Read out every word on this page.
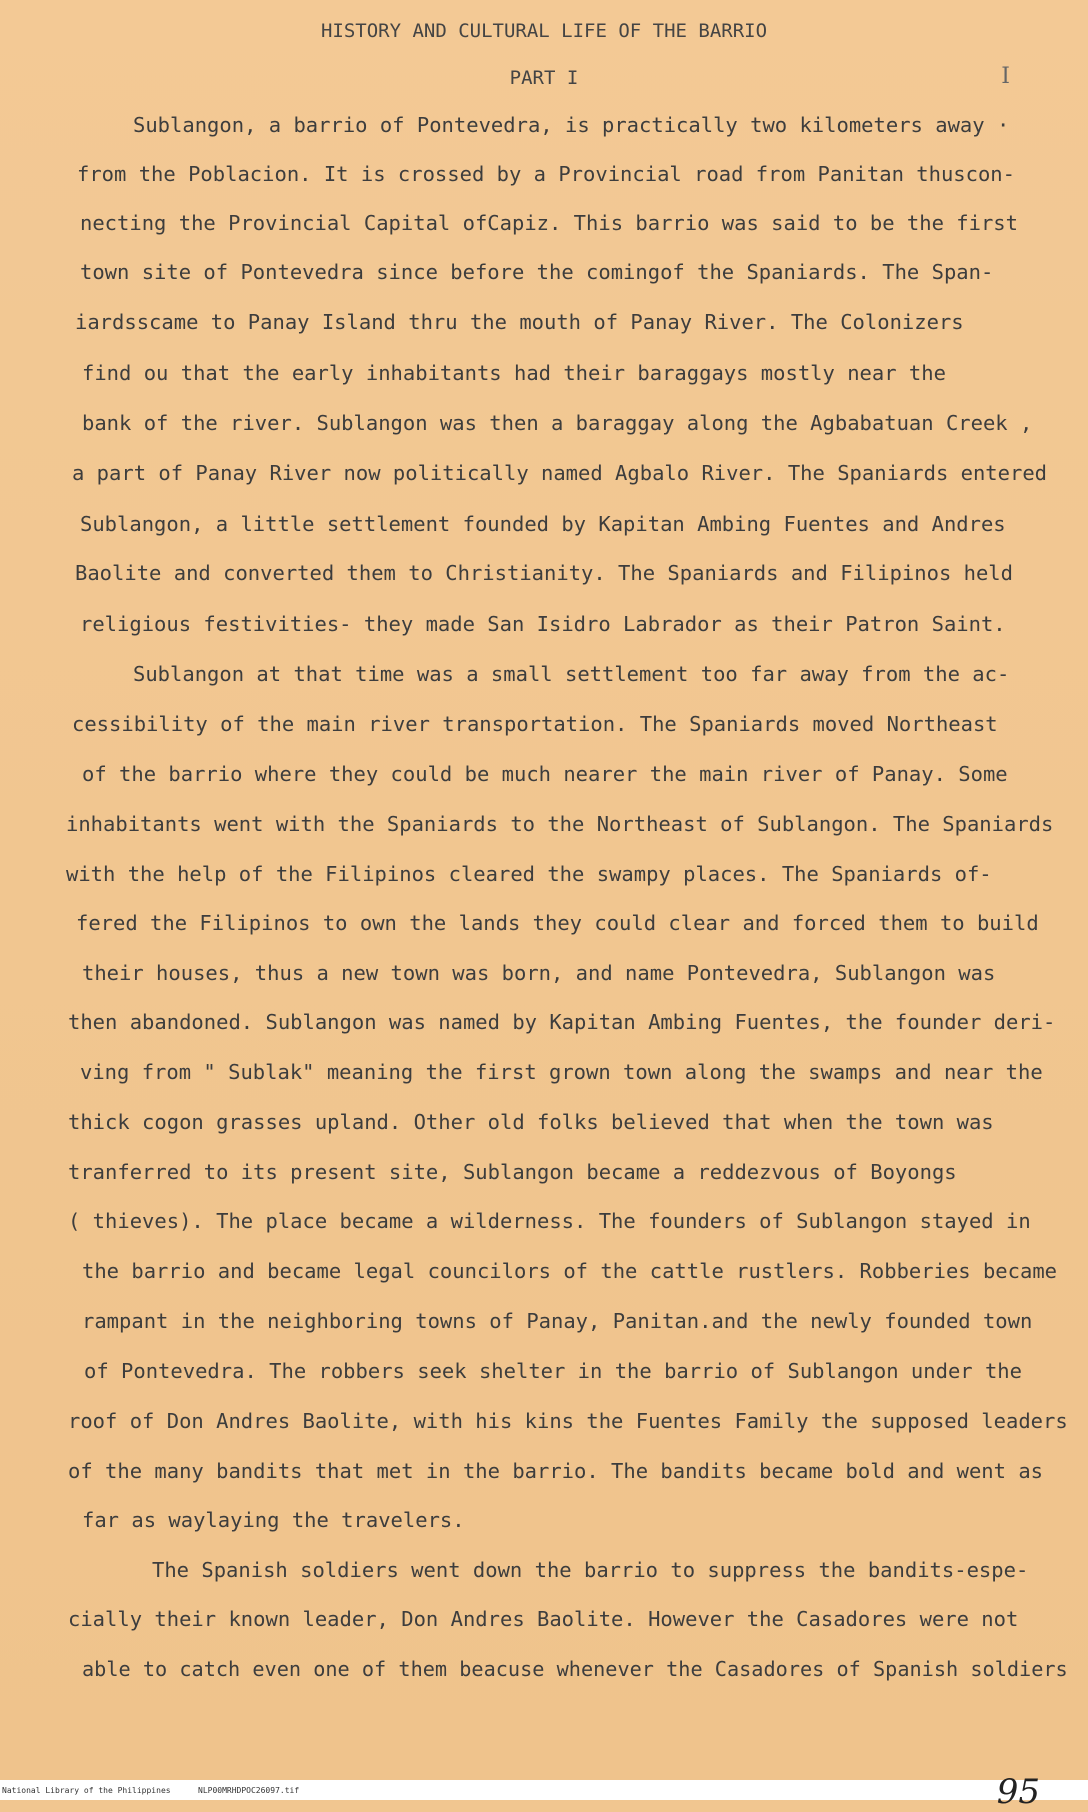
HISTORY AND CULTURAL LIFE OF THE BARRIO
PART I	I
Sublangon, a barrio of Pontevedra, is practically two kilometers away ·
from the Poblacion. It is crossed by a Provincial road from Panitan thuscon-
necting the Provincial Capital ofCapiz. This barrio was said to be the first
town site of Pontevedra since before the comingof the Spaniards. The Span-
iardsscame to Panay Island thru the mouth of Panay River. The Colonizers
find ou that the early inhabitants had their baraggays mostly near the
bank of the river. Sublangon was then a baraggay along the Agbabatuan Creek ,
a part of Panay River now politically named Agbalo River. The Spaniards entered
Sublangon, a little settlement founded by Kapitan Ambing Fuentes and Andres
Baolite and converted them to Christianity. The Spaniards and Filipinos held
religious festivities- they made San Isidro Labrador as their Patron Saint.
Sublangon at that time was a small settlement too far away from the ac-
cessibility of the main river transportation. The Spaniards moved Northeast
of the barrio where they could be much nearer the main river of Panay. Some
inhabitants went with the Spaniards to the Northeast of Sublangon. The Spaniards
with the help of the Filipinos cleared the swampy places. The Spaniards of-
fered the Filipinos to own the lands they could clear and forced them to build
their houses, thus a new town was born, and name Pontevedra, Sublangon was
then abandoned. Sublangon was named by Kapitan Ambing Fuentes, the founder deri-
ving from " Sublak" meaning the first grown town along the swamps and near the
thick cogon grasses upland. Other old folks believed that when the town was
tranferred to its present site, Sublangon became a reddezvous of Boyongs
( thieves). The place became a wilderness. The founders of Sublangon stayed in
the barrio and became legal councilors of the cattle rustlers. Robberies became
rampant in the neighboring towns of Panay, Panitan.and the newly founded town
of Pontevedra. The robbers seek shelter in the barrio of Sublangon under the
roof of Don Andres Baolite, with his kins the Fuentes Family the supposed leaders
of the many bandits that met in the barrio. The bandits became bold and went as
far as waylaying the travelers.
The Spanish soldiers went down the barrio to suppress the bandits-espe-
cially their known leader, Don Andres Baolite. However the Casadores were not
able to catch even one of them beacuse whenever the Casadores of Spanish soldiers
National Library of the Philippines	NLP00MRHDPOC26097.tif	95
